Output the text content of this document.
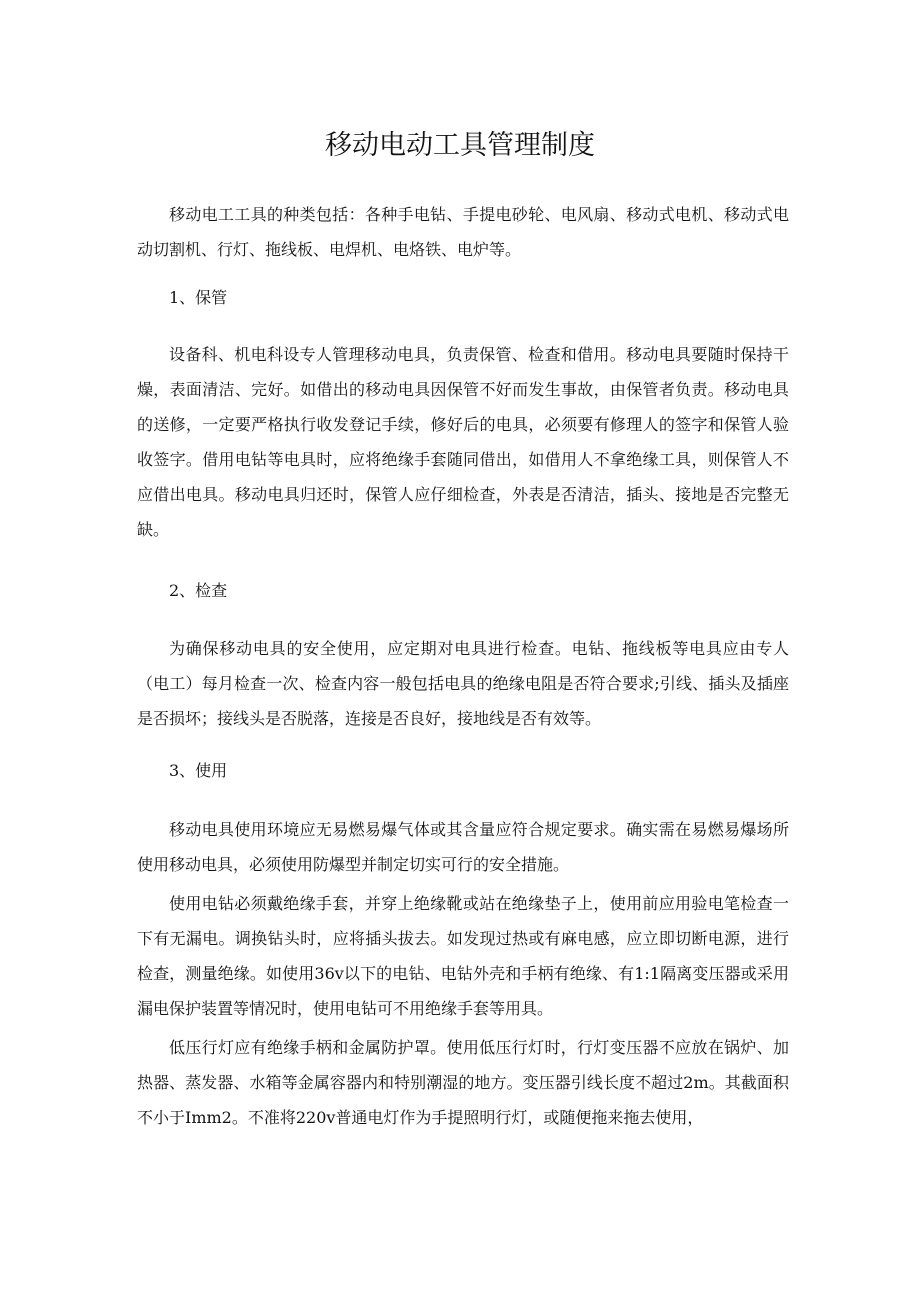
移动电动工具管理制度

移动电工工具的种类包括：各种手电钻、手提电砂轮、电风扇、移动式电机、移动式电动切割机、行灯、拖线板、电焊机、电烙铁、电炉等。

1、保管

设备科、机电科设专人管理移动电具，负责保管、检查和借用。移动电具要随时保持干燥，表面清洁、完好。如借出的移动电具因保管不好而发生事故，由保管者负责。移动电具的送修，一定要严格执行收发登记手续，修好后的电具，必须要有修理人的签字和保管人验收签字。借用电钻等电具时，应将绝缘手套随同借出，如借用人不拿绝缘工具，则保管人不应借出电具。移动电具归还时，保管人应仔细检查，外表是否清洁，插头、接地是否完整无缺。

2、检查

为确保移动电具的安全使用，应定期对电具进行检查。电钻、拖线板等电具应由专人（电工）每月检查一次、检查内容一般包括电具的绝缘电阻是否符合要求;引线、插头及插座是否损坏；接线头是否脱落，连接是否良好，接地线是否有效等。

3、使用

移动电具使用环境应无易燃易爆气体或其含量应符合规定要求。确实需在易燃易爆场所使用移动电具，必须使用防爆型并制定切实可行的安全措施。

使用电钻必须戴绝缘手套，并穿上绝缘靴或站在绝缘垫子上，使用前应用验电笔检查一下有无漏电。调换钻头时，应将插头拔去。如发现过热或有麻电感，应立即切断电源，进行检查，测量绝缘。如使用36v以下的电钻、电钻外壳和手柄有绝缘、有1:1隔离变压器或采用漏电保护装置等情况时，使用电钻可不用绝缘手套等用具。

低压行灯应有绝缘手柄和金属防护罩。使用低压行灯时，行灯变压器不应放在锅炉、加热器、蒸发器、水箱等金属容器内和特别潮湿的地方。变压器引线长度不超过2m。其截面积不小于Imm2。不准将220v普通电灯作为手提照明行灯，或随便拖来拖去使用，
